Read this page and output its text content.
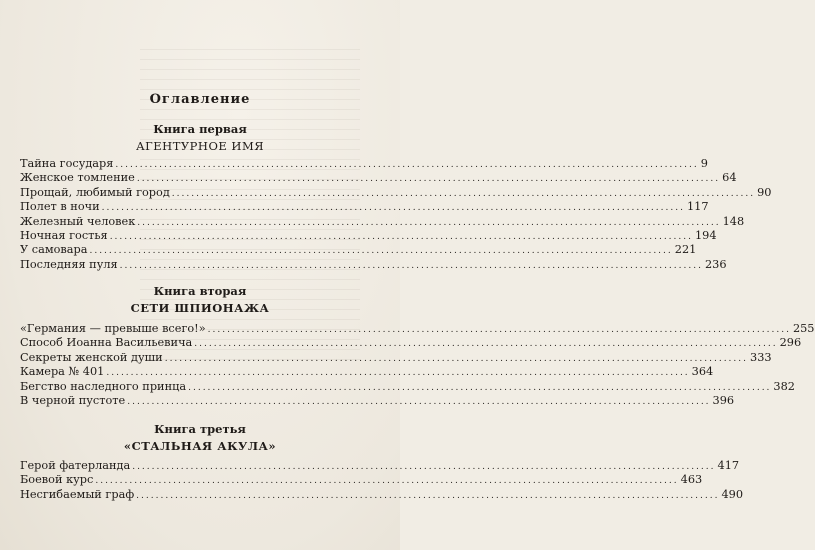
Оглавление
Книга первая
АГЕНТУРНОЕ ИМЯ
Тайна государя ........................................................................................................................ 9
Женское томление ........................................................................................................................ 64
Прощай, любимый город ........................................................................................................................ 90
Полет в ночи ........................................................................................................................ 117
Железный человек ........................................................................................................................ 148
Ночная гостья ........................................................................................................................ 194
У самовара ........................................................................................................................ 221
Последняя пуля ........................................................................................................................ 236
Книга вторая
СЕТИ ШПИОНАЖА
«Германия — превыше всего!» ........................................................................................................................ 255
Способ Иоанна Васильевича ........................................................................................................................ 296
Секреты женской души ........................................................................................................................ 333
Камера № 401 ........................................................................................................................ 364
Бегство наследного принца ........................................................................................................................ 382
В черной пустоте ........................................................................................................................ 396
Книга третья
«СТАЛЬНАЯ АКУЛА»
Герой фатерланда ........................................................................................................................ 417
Боевой курс ........................................................................................................................ 463
Несгибаемый граф ........................................................................................................................ 490
